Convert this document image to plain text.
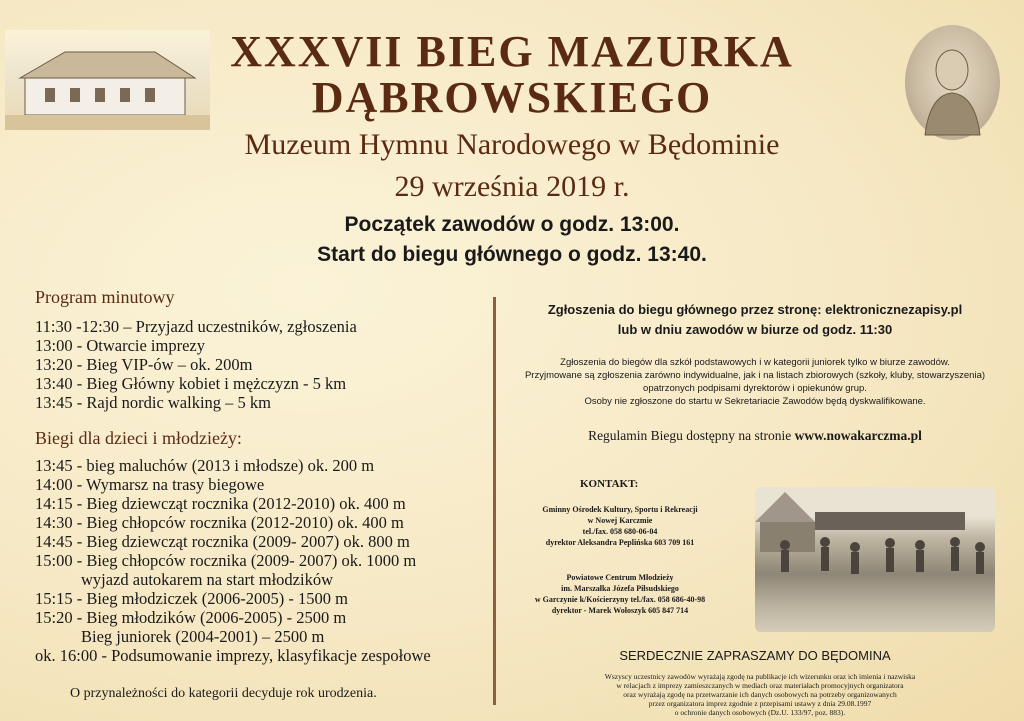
XXXVII BIEG MAZURKA
DĄBROWSKIEGO
Muzeum Hymnu Narodowego w Będominie
29 września 2019 r.
Początek zawodów o godz. 13:00.
Start do biegu głównego o godz. 13:40.
Program minutowy
11:30 -12:30 – Przyjazd uczestników, zgłoszenia
13:00 - Otwarcie imprezy
13:20 - Bieg VIP-ów – ok. 200m
13:40 - Bieg Główny kobiet i mężczyzn - 5 km
13:45 - Rajd nordic walking – 5 km
Biegi dla dzieci i młodzieży:
13:45 - bieg maluchów (2013 i młodsze) ok. 200 m
14:00 - Wymarsz na trasy biegowe
14:15 - Bieg dziewcząt rocznika (2012-2010) ok. 400 m
14:30 - Bieg chłopców rocznika (2012-2010) ok. 400 m
14:45 - Bieg dziewcząt rocznika (2009- 2007) ok. 800 m
15:00 - Bieg chłopców rocznika (2009- 2007) ok. 1000 m
wyjazd autokarem na start młodzików
15:15 - Bieg młodziczek (2006-2005) - 1500 m
15:20 - Bieg młodzików (2006-2005) - 2500 m
Bieg juniorek (2004-2001) – 2500 m
ok. 16:00 - Podsumowanie imprezy, klasyfikacje zespołowe
O przynależności do kategorii decyduje rok urodzenia.
Zgłoszenia do biegu głównego przez stronę: elektronicznezapisy.pl
lub w dniu zawodów w biurze od godz. 11:30
Zgłoszenia do biegów dla szkół podstawowych i w kategorii juniorek tylko w biurze zawodów.
Przyjmowane są zgłoszenia zarówno indywidualne, jak i na listach zbiorowych (szkoły, kluby, stowarzyszenia)
opatrzonych podpisami dyrektorów i opiekunów grup.
Osoby nie zgłoszone do startu w Sekretariacie Zawodów będą dyskwalifikowane.
Regulamin Biegu dostępny na stronie www.nowakarczma.pl
KONTAKT:
Gminny Ośrodek Kultury, Sportu i Rekreacji
w Nowej Karczmie
tel./fax. 058 680-06-04
dyrektor Aleksandra Peplińska 603 709 161
Powiatowe Centrum Młodzieży
im. Marszałka Józefa Piłsudskiego
w Garczynie k/Kościerzyny tel./fax. 058 686-40-98
dyrektor - Marek Wołoszyk 605 847 714
SERDECZNIE ZAPRASZAMY DO BĘDOMINA
Wszyscy uczestnicy zawodów wyrażają zgodę na publikacje ich wizerunku oraz ich imienia i nazwiska
w relacjach z imprezy zamieszczanych w mediach oraz materiałach promocyjnych organizatora
oraz wyrażają zgodę na przetwarzanie ich danych osobowych na potrzeby organizowanych
przez organizatora imprez zgodnie z przepisami ustawy z dnia 29.08.1997
o ochronie danych osobowych (Dz.U. 133/97, poz. 883).
